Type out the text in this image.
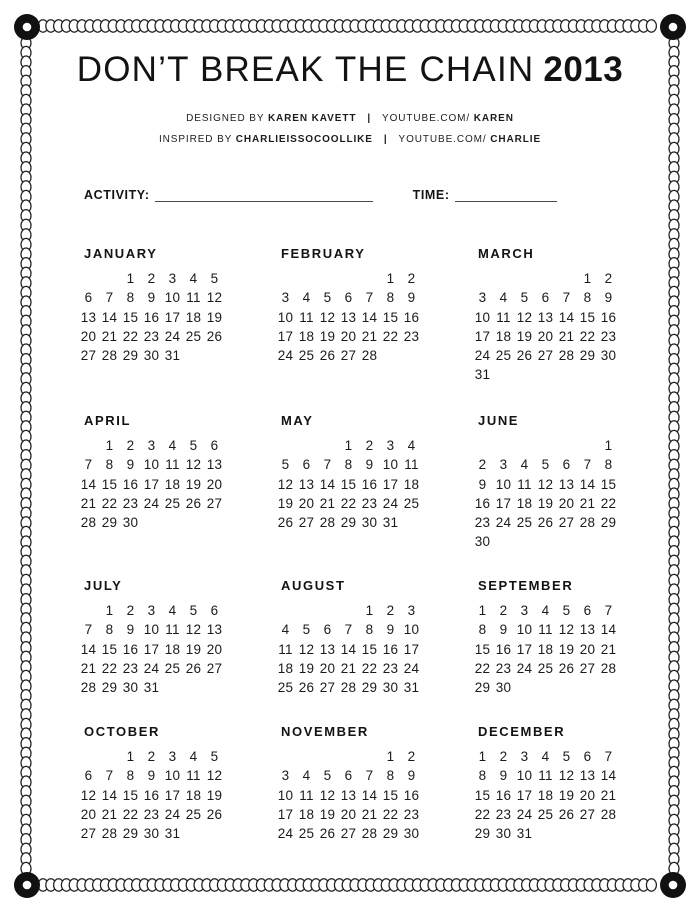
DON’T BREAK THE CHAIN 2013

DESIGNED BY KAREN KAVETT | YOUTUBE.COM/ KAREN

INSPIRED BY CHARLIEISSOCOOLLIKE | YOUTUBE.COM/ CHARLIE

ACTIVITY:	TIME:
JANUARY
1 2 3 4 5
6 7 8 9 10 11 12
13 14 15 16 17 18 19
20 21 22 23 24 25 26
27 28 29 30 31
FEBRUARY
1 2
3 4 5 6 7 8 9
10 11 12 13 14 15 16
17 18 19 20 21 22 23
24 25 26 27 28
MARCH
1 2
3 4 5 6 7 8 9
10 11 12 13 14 15 16
17 18 19 20 21 22 23
24 25 26 27 28 29 30
31
APRIL
1 2 3 4 5 6
7 8 9 10 11 12 13
14 15 16 17 18 19 20
21 22 23 24 25 26 27
28 29 30
MAY
1 2 3 4
5 6 7 8 9 10 11
12 13 14 15 16 17 18
19 20 21 22 23 24 25
26 27 28 29 30 31
JUNE
1
2 3 4 5 6 7 8
9 10 11 12 13 14 15
16 17 18 19 20 21 22
23 24 25 26 27 28 29
30
JULY
1 2 3 4 5 6
7 8 9 10 11 12 13
14 15 16 17 18 19 20
21 22 23 24 25 26 27
28 29 30 31
AUGUST
1 2 3
4 5 6 7 8 9 10
11 12 13 14 15 16 17
18 19 20 21 22 23 24
25 26 27 28 29 30 31
SEPTEMBER
1 2 3 4 5 6 7
8 9 10 11 12 13 14
15 16 17 18 19 20 21
22 23 24 25 26 27 28
29 30
OCTOBER
1 2 3 4 5
6 7 8 9 10 11 12
12 14 15 16 17 18 19
20 21 22 23 24 25 26
27 28 29 30 31
NOVEMBER
1 2
3 4 5 6 7 8 9
10 11 12 13 14 15 16
17 18 19 20 21 22 23
24 25 26 27 28 29 30
DECEMBER
1 2 3 4 5 6 7
8 9 10 11 12 13 14
15 16 17 18 19 20 21
22 23 24 25 26 27 28
29 30 31
